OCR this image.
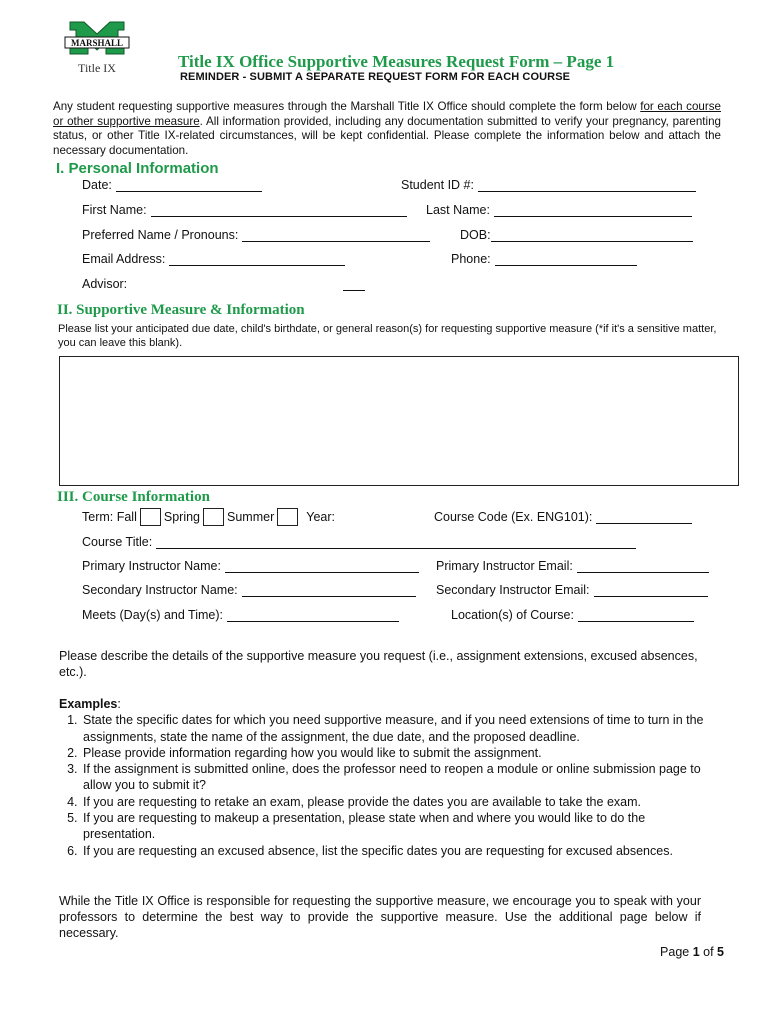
MARSHALL
Title IX	Title IX Office Supportive Measures Request Form – Page 1
REMINDER - SUBMIT A SEPARATE REQUEST FORM FOR EACH COURSE
Any student requesting supportive measures through the Marshall Title IX Office should complete the form below for each course or other supportive measure. All information provided, including any documentation submitted to verify your pregnancy, parenting status, or other Title IX-related circumstances, will be kept confidential. Please complete the information below and attach the necessary documentation.
I. Personal Information
Date:	Student ID #:
First Name:	Last Name:
Preferred Name / Pronouns:	DOB:
Email Address:	Phone:
Advisor:
II. Supportive Measure & Information
Please list your anticipated due date, child's birthdate, or general reason(s) for requesting supportive measure (*if it's a sensitive matter, you can leave this blank).
III. Course Information
Term: Fall Spring Summer	Year:	Course Code (Ex. ENG101):
Course Title:
Primary Instructor Name:	Primary Instructor Email:
Secondary Instructor Name:	Secondary Instructor Email:
Meets (Day(s) and Time):	Location(s) of Course:
Please describe the details of the supportive measure you request (i.e., assignment extensions, excused absences, etc.).
Examples:
1. State the specific dates for which you need supportive measure, and if you need extensions of time to turn in the assignments, state the name of the assignment, the due date, and the proposed deadline.
2. Please provide information regarding how you would like to submit the assignment.
3. If the assignment is submitted online, does the professor need to reopen a module or online submission page to allow you to submit it?
4. If you are requesting to retake an exam, please provide the dates you are available to take the exam.
5. If you are requesting to makeup a presentation, please state when and where you would like to do the presentation.
6. If you are requesting an excused absence, list the specific dates you are requesting for excused absences.
While the Title IX Office is responsible for requesting the supportive measure, we encourage you to speak with your professors to determine the best way to provide the supportive measure. Use the additional page below if necessary.
Page 1 of 5
